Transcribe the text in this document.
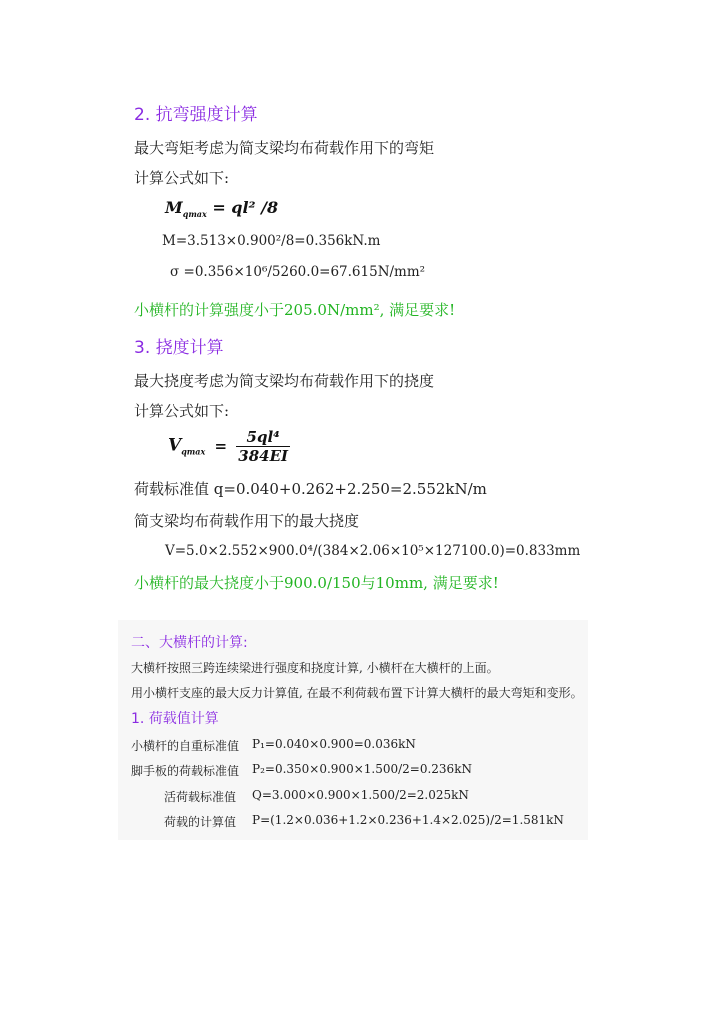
2. 抗弯强度计算
最大弯矩考虑为简支梁均布荷载作用下的弯矩
计算公式如下:
$M_{qmax} = ql^2$ /8
M=3.513×0.900²/8=0.356kN.m
σ =0.356×10⁶/5260.0=67.615N/mm²
小横杆的计算强度小于205.0N/mm², 满足要求!
3. 挠度计算
最大挠度考虑为简支梁均布荷载作用下的挠度
计算公式如下:
$V_{qmax} = \frac{\text{5ql⁴}}{384EI}$
荷载标准值 q=0.040+0.262+2.250=2.552kN/m
简支梁均布荷载作用下的最大挠度
V=5.0×2.552×900.0⁴/(384×2.06×10⁵×127100.0)=0.833mm
小横杆的最大挠度小于900.0/150与10mm, 满足要求!
二、大横杆的计算:
大横杆按照三跨连续梁进行强度和挠度计算, 小横杆在大横杆的上面。
用小横杆支座的最大反力计算值, 在最不利荷载布置下计算大横杆的最大弯矩和变形。
1. 荷载值计算
小横杆的自重标准值 P₁=0.040×0.900=0.036kN
脚手板的荷载标准值 P₂=0.350×0.900×1.500/2=0.236kN
活荷载标准值 Q=3.000×0.900×1.500/2=2.025kN
荷载的计算值 P=(1.2×0.036+1.2×0.236+1.4×2.025)/2=1.581kN
